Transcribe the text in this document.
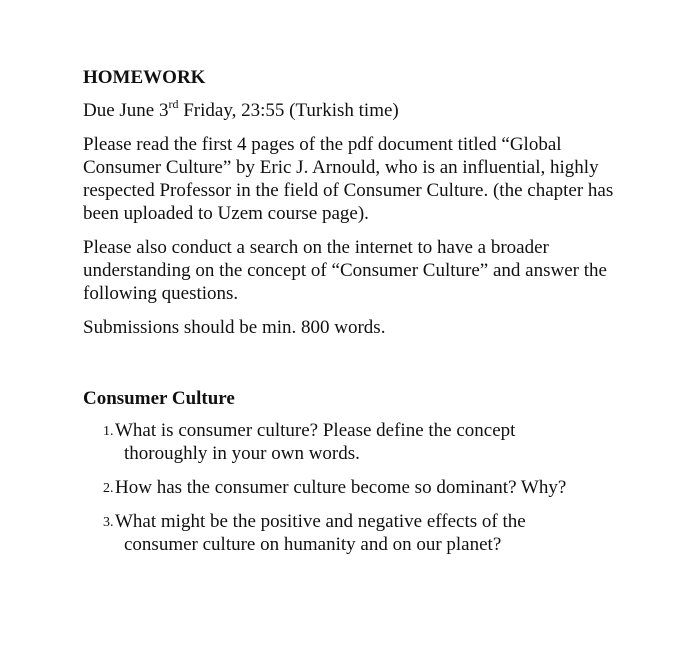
HOMEWORK
Due June 3rd Friday, 23:55 (Turkish time)
Please read the first 4 pages of the pdf document titled “Global Consumer Culture” by Eric J. Arnould, who is an influential, highly respected Professor in the field of Consumer Culture. (the chapter has been uploaded to Uzem course page).
Please also conduct a search on the internet to have a broader understanding on the concept of “Consumer Culture” and answer the following questions.
Submissions should be min. 800 words.
Consumer Culture
1. What is consumer culture? Please define the concept
thoroughly in your own words.
2. How has the consumer culture become so dominant? Why?
3. What might be the positive and negative effects of the
consumer culture on humanity and on our planet?
